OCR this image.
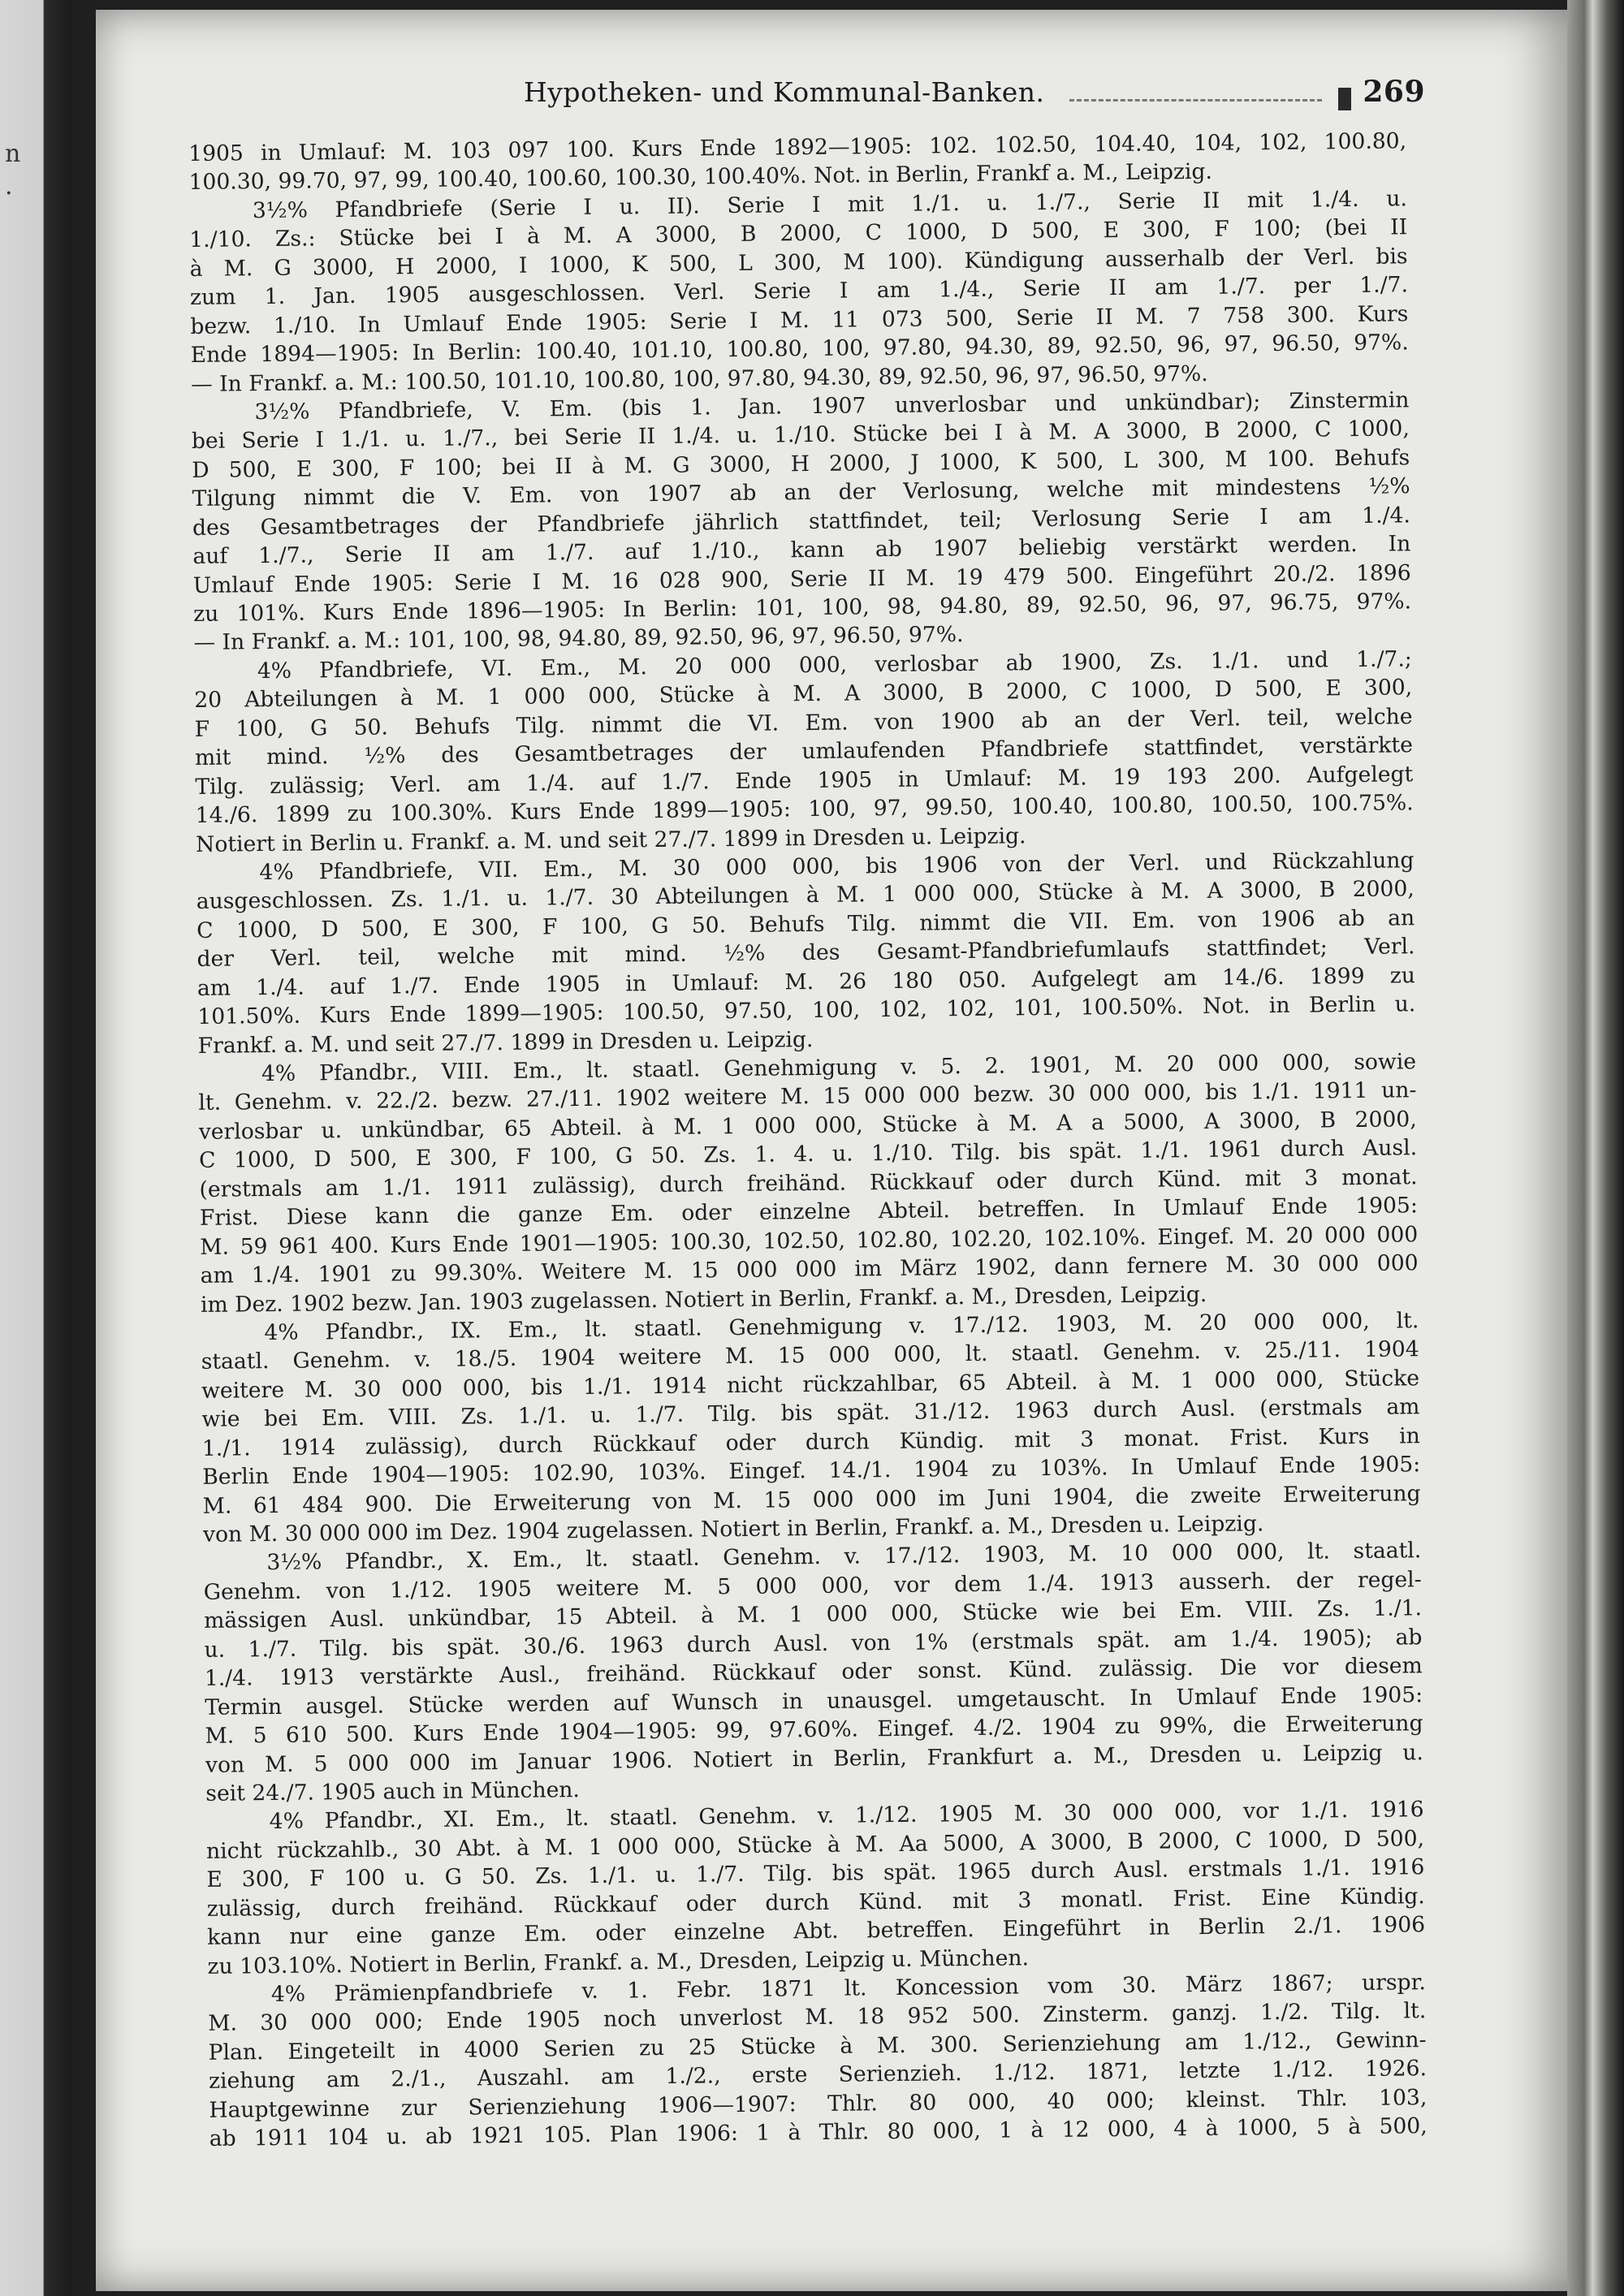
n
.
Hypotheken- und Kommunal-Banken.	269
1905 in Umlauf: M. 103 097 100. Kurs Ende 1892—1905: 102. 102.50, 104.40, 104, 102, 100.80,
100.30, 99.70, 97, 99, 100.40, 100.60, 100.30, 100.40%. Not. in Berlin, Frankf a. M., Leipzig.
3½% Pfandbriefe (Serie I u. II). Serie I mit 1./1. u. 1./7., Serie II mit 1./4. u.
1./10. Zs.: Stücke bei I à M. A 3000, B 2000, C 1000, D 500, E 300, F 100; (bei II
à M. G 3000, H 2000, I 1000, K 500, L 300, M 100). Kündigung ausserhalb der Verl. bis
zum 1. Jan. 1905 ausgeschlossen. Verl. Serie I am 1./4., Serie II am 1./7. per 1./7.
bezw. 1./10. In Umlauf Ende 1905: Serie I M. 11 073 500, Serie II M. 7 758 300. Kurs
Ende 1894—1905: In Berlin: 100.40, 101.10, 100.80, 100, 97.80, 94.30, 89, 92.50, 96, 97, 96.50, 97%.
— In Frankf. a. M.: 100.50, 101.10, 100.80, 100, 97.80, 94.30, 89, 92.50, 96, 97, 96.50, 97%.
3½% Pfandbriefe, V. Em. (bis 1. Jan. 1907 unverlosbar und unkündbar); Zinstermin
bei Serie I 1./1. u. 1./7., bei Serie II 1./4. u. 1./10. Stücke bei I à M. A 3000, B 2000, C 1000,
D 500, E 300, F 100; bei II à M. G 3000, H 2000, J 1000, K 500, L 300, M 100. Behufs
Tilgung nimmt die V. Em. von 1907 ab an der Verlosung, welche mit mindestens ½%
des Gesamtbetrages der Pfandbriefe jährlich stattfindet, teil; Verlosung Serie I am 1./4.
auf 1./7., Serie II am 1./7. auf 1./10., kann ab 1907 beliebig verstärkt werden. In
Umlauf Ende 1905: Serie I M. 16 028 900, Serie II M. 19 479 500. Eingeführt 20./2. 1896
zu 101%. Kurs Ende 1896—1905: In Berlin: 101, 100, 98, 94.80, 89, 92.50, 96, 97, 96.75, 97%.
— In Frankf. a. M.: 101, 100, 98, 94.80, 89, 92.50, 96, 97, 96.50, 97%.
4% Pfandbriefe, VI. Em., M. 20 000 000, verlosbar ab 1900, Zs. 1./1. und 1./7.;
20 Abteilungen à M. 1 000 000, Stücke à M. A 3000, B 2000, C 1000, D 500, E 300,
F 100, G 50. Behufs Tilg. nimmt die VI. Em. von 1900 ab an der Verl. teil, welche
mit mind. ½% des Gesamtbetrages der umlaufenden Pfandbriefe stattfindet, verstärkte
Tilg. zulässig; Verl. am 1./4. auf 1./7. Ende 1905 in Umlauf: M. 19 193 200. Aufgelegt
14./6. 1899 zu 100.30%. Kurs Ende 1899—1905: 100, 97, 99.50, 100.40, 100.80, 100.50, 100.75%.
Notiert in Berlin u. Frankf. a. M. und seit 27./7. 1899 in Dresden u. Leipzig.
4% Pfandbriefe, VII. Em., M. 30 000 000, bis 1906 von der Verl. und Rückzahlung
ausgeschlossen. Zs. 1./1. u. 1./7. 30 Abteilungen à M. 1 000 000, Stücke à M. A 3000, B 2000,
C 1000, D 500, E 300, F 100, G 50. Behufs Tilg. nimmt die VII. Em. von 1906 ab an
der Verl. teil, welche mit mind. ½% des Gesamt-Pfandbriefumlaufs stattfindet; Verl.
am 1./4. auf 1./7. Ende 1905 in Umlauf: M. 26 180 050. Aufgelegt am 14./6. 1899 zu
101.50%. Kurs Ende 1899—1905: 100.50, 97.50, 100, 102, 102, 101, 100.50%. Not. in Berlin u.
Frankf. a. M. und seit 27./7. 1899 in Dresden u. Leipzig.
4% Pfandbr., VIII. Em., lt. staatl. Genehmigung v. 5. 2. 1901, M. 20 000 000, sowie
lt. Genehm. v. 22./2. bezw. 27./11. 1902 weitere M. 15 000 000 bezw. 30 000 000, bis 1./1. 1911 un-
verlosbar u. unkündbar, 65 Abteil. à M. 1 000 000, Stücke à M. A a 5000, A 3000, B 2000,
C 1000, D 500, E 300, F 100, G 50. Zs. 1. 4. u. 1./10. Tilg. bis spät. 1./1. 1961 durch Ausl.
(erstmals am 1./1. 1911 zulässig), durch freihänd. Rückkauf oder durch Künd. mit 3 monat.
Frist. Diese kann die ganze Em. oder einzelne Abteil. betreffen. In Umlauf Ende 1905:
M. 59 961 400. Kurs Ende 1901—1905: 100.30, 102.50, 102.80, 102.20, 102.10%. Eingef. M. 20 000 000
am 1./4. 1901 zu 99.30%. Weitere M. 15 000 000 im März 1902, dann fernere M. 30 000 000
im Dez. 1902 bezw. Jan. 1903 zugelassen. Notiert in Berlin, Frankf. a. M., Dresden, Leipzig.
4% Pfandbr., IX. Em., lt. staatl. Genehmigung v. 17./12. 1903, M. 20 000 000, lt.
staatl. Genehm. v. 18./5. 1904 weitere M. 15 000 000, lt. staatl. Genehm. v. 25./11. 1904
weitere M. 30 000 000, bis 1./1. 1914 nicht rückzahlbar, 65 Abteil. à M. 1 000 000, Stücke
wie bei Em. VIII. Zs. 1./1. u. 1./7. Tilg. bis spät. 31./12. 1963 durch Ausl. (erstmals am
1./1. 1914 zulässig), durch Rückkauf oder durch Kündig. mit 3 monat. Frist. Kurs in
Berlin Ende 1904—1905: 102.90, 103%. Eingef. 14./1. 1904 zu 103%. In Umlauf Ende 1905:
M. 61 484 900. Die Erweiterung von M. 15 000 000 im Juni 1904, die zweite Erweiterung
von M. 30 000 000 im Dez. 1904 zugelassen. Notiert in Berlin, Frankf. a. M., Dresden u. Leipzig.
3½% Pfandbr., X. Em., lt. staatl. Genehm. v. 17./12. 1903, M. 10 000 000, lt. staatl.
Genehm. von 1./12. 1905 weitere M. 5 000 000, vor dem 1./4. 1913 ausserh. der regel-
mässigen Ausl. unkündbar, 15 Abteil. à M. 1 000 000, Stücke wie bei Em. VIII. Zs. 1./1.
u. 1./7. Tilg. bis spät. 30./6. 1963 durch Ausl. von 1% (erstmals spät. am 1./4. 1905); ab
1./4. 1913 verstärkte Ausl., freihänd. Rückkauf oder sonst. Künd. zulässig. Die vor diesem
Termin ausgel. Stücke werden auf Wunsch in unausgel. umgetauscht. In Umlauf Ende 1905:
M. 5 610 500. Kurs Ende 1904—1905: 99, 97.60%. Eingef. 4./2. 1904 zu 99%, die Erweiterung
von M. 5 000 000 im Januar 1906. Notiert in Berlin, Frankfurt a. M., Dresden u. Leipzig u.
seit 24./7. 1905 auch in München.
4% Pfandbr., XI. Em., lt. staatl. Genehm. v. 1./12. 1905 M. 30 000 000, vor 1./1. 1916
nicht rückzahlb., 30 Abt. à M. 1 000 000, Stücke à M. Aa 5000, A 3000, B 2000, C 1000, D 500,
E 300, F 100 u. G 50. Zs. 1./1. u. 1./7. Tilg. bis spät. 1965 durch Ausl. erstmals 1./1. 1916
zulässig, durch freihänd. Rückkauf oder durch Künd. mit 3 monatl. Frist. Eine Kündig.
kann nur eine ganze Em. oder einzelne Abt. betreffen. Eingeführt in Berlin 2./1. 1906
zu 103.10%. Notiert in Berlin, Frankf. a. M., Dresden, Leipzig u. München.
4% Prämienpfandbriefe v. 1. Febr. 1871 lt. Koncession vom 30. März 1867; urspr.
M. 30 000 000; Ende 1905 noch unverlost M. 18 952 500. Zinsterm. ganzj. 1./2. Tilg. lt.
Plan. Eingeteilt in 4000 Serien zu 25 Stücke à M. 300. Serienziehung am 1./12., Gewinn-
ziehung am 2./1., Auszahl. am 1./2., erste Serienzieh. 1./12. 1871, letzte 1./12. 1926.
Hauptgewinne zur Serienziehung 1906—1907: Thlr. 80 000, 40 000; kleinst. Thlr. 103,
ab 1911 104 u. ab 1921 105. Plan 1906: 1 à Thlr. 80 000, 1 à 12 000, 4 à 1000, 5 à 500,
